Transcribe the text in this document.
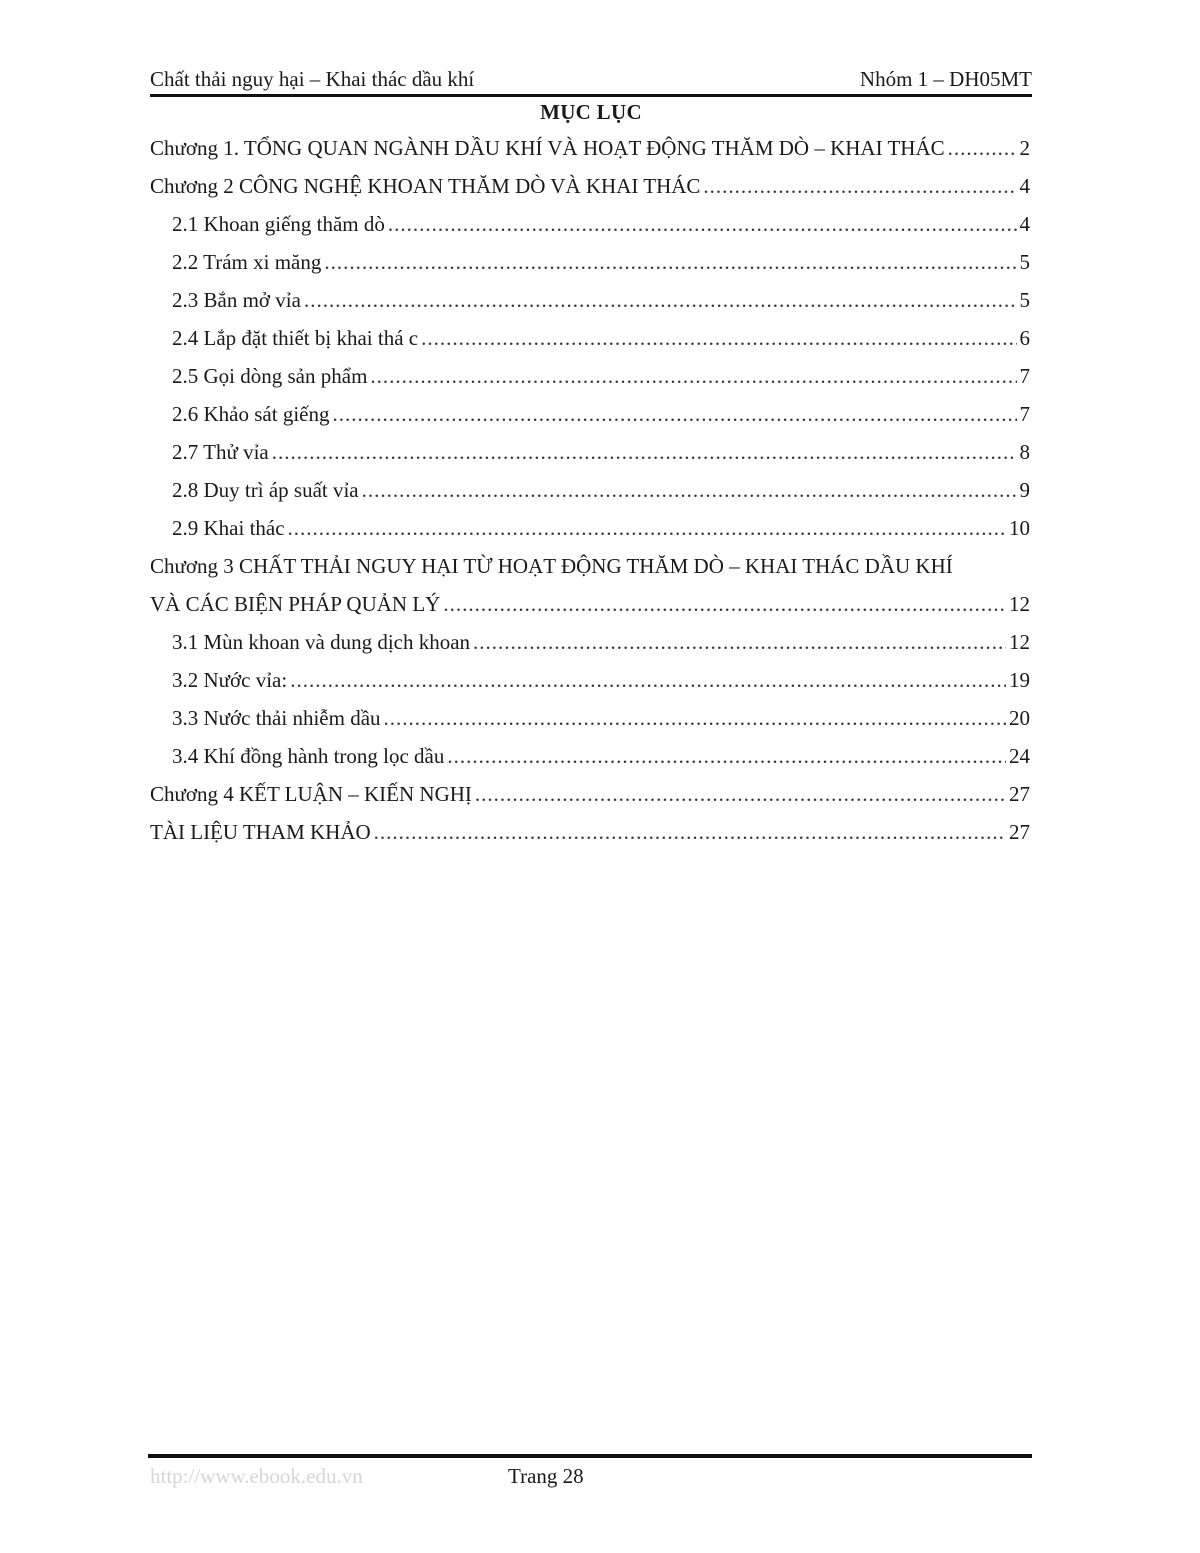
Chất thải nguy hại – Khai thác dầu khí	Nhóm 1 – DH05MT
MỤC LỤC
Chương 1. TỔNG QUAN NGÀNH DẦU KHÍ VÀ HOẠT ĐỘNG THĂM DÒ – KHAI THÁC .....	2
Chương 2 CÔNG NGHỆ KHOAN THĂM DÒ VÀ KHAI THÁC .....	4
2.1 Khoan giếng thăm dò .....	4
2.2 Trám xi măng .....	5
2.3 Bắn mở vỉa .....	5
2.4 Lắp đặt thiết bị khai thá c .....	6
2.5 Gọi dòng sản phẩm .....	7
2.6 Khảo sát giếng .....	7
2.7 Thử vỉa .....	8
2.8 Duy trì áp suất vỉa .....	9
2.9 Khai thác .....	10
Chương 3 CHẤT THẢI NGUY HẠI TỪ HOẠT ĐỘNG THĂM DÒ – KHAI THÁC DẦU KHÍ
VÀ CÁC BIỆN PHÁP QUẢN LÝ .....	12
3.1 Mùn khoan và dung dịch khoan .....	12
3.2 Nước vỉa: .....	19
3.3 Nước thải nhiễm dầu .....	20
3.4 Khí đồng hành trong lọc dầu .....	24
Chương 4 KẾT LUẬN – KIẾN NGHỊ .....	27
TÀI LIỆU THAM KHẢO .....	27
http://www.ebook.edu.vn	Trang 28
